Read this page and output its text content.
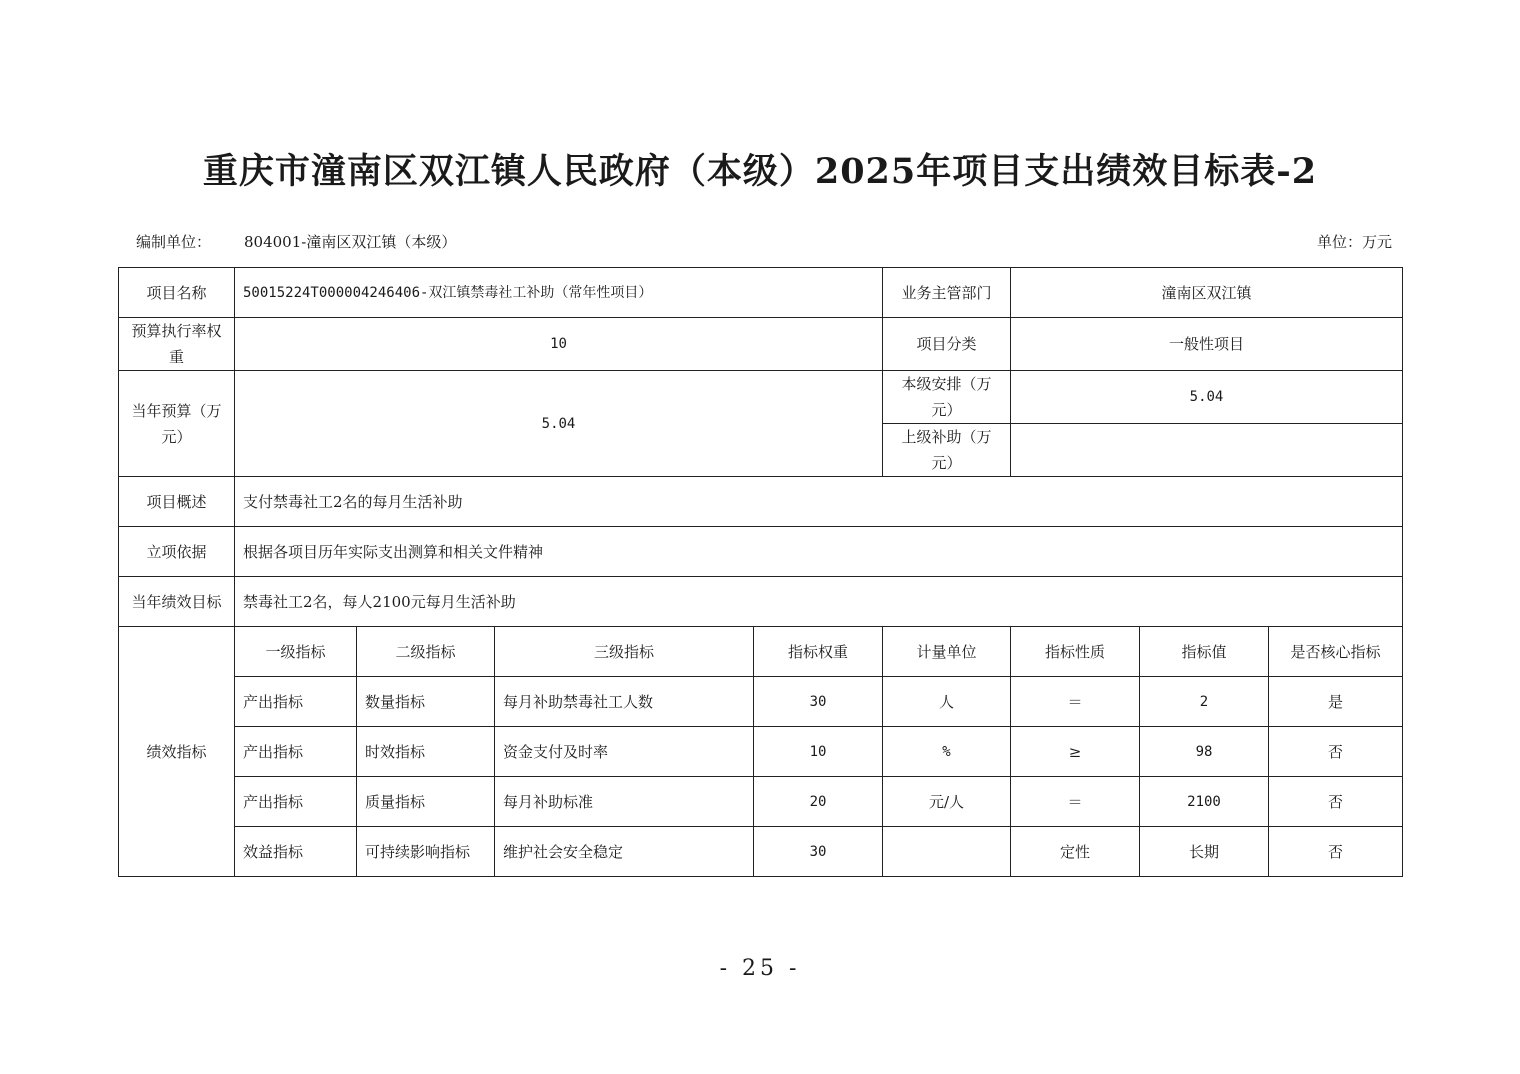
重庆市潼南区双江镇人民政府（本级）2025年项目支出绩效目标表-2
编制单位： 804001-潼南区双江镇（本级）	单位：万元
项目名称	50015224T000004246406-双江镇禁毒社工补助（常年性项目）				业务主管部门	潼南区双江镇		
预算执行率权重	10				项目分类	一般性项目		
当年预算（万元）	5.04				本级安排（万元）	5.04		
					上级补助（万元）			
项目概述	支付禁毒社工2名的每月生活补助							
立项依据	根据各项目历年实际支出测算和相关文件精神							
当年绩效目标	禁毒社工2名，每人2100元每月生活补助							
绩效指标	一级指标	二级指标	三级指标	指标权重	计量单位	指标性质	指标值	是否核心指标
	产出指标	数量指标	每月补助禁毒社工人数	30	人	＝	2	是
	产出指标	时效指标	资金支付及时率	10	%	≥	98	否
	产出指标	质量指标	每月补助标准	20	元/人	＝	2100	否
	效益指标	可持续影响指标	维护社会安全稳定	30		定性	长期	否
- 25 -
